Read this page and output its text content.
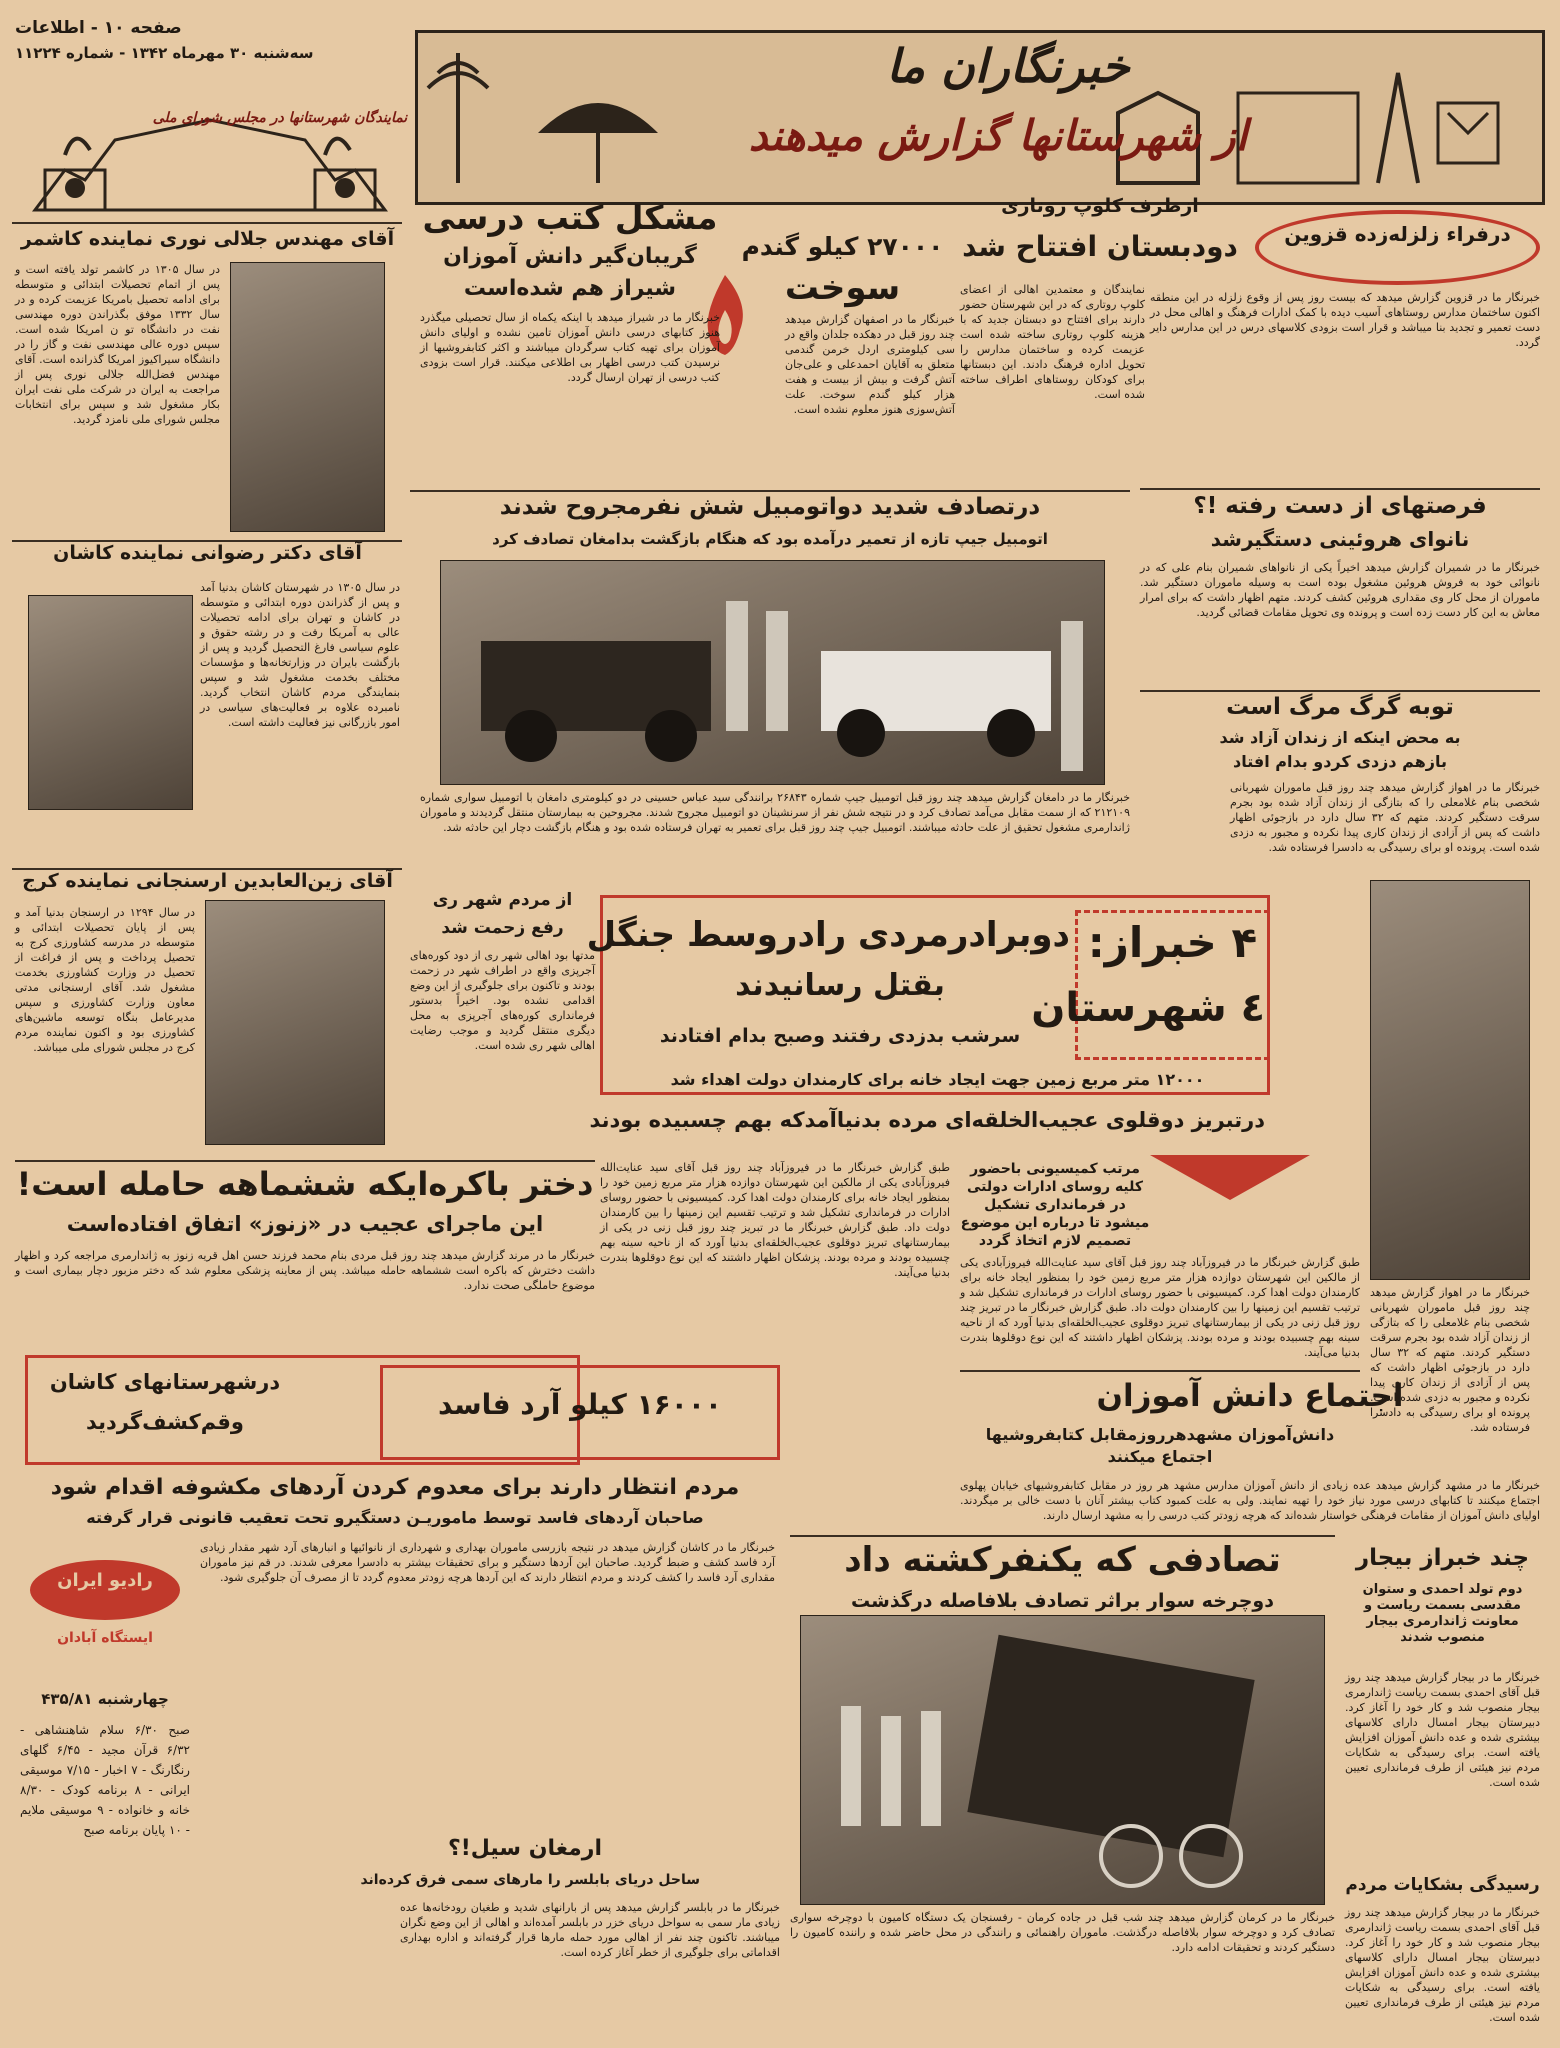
صفحه ۱۰ - اطلاعات
سه‌شنبه ۳۰ مهرماه ۱۳۴۲ - شماره ۱۱۲۲۴
نمایندگان شهرستانها در مجلس شورای ملی
خبرنگاران ما
از شهرستانها گزارش میدهند
آقای مهندس جلالی نوری نماینده کاشمر
در سال ۱۳۰۵ در کاشمر تولد یافته است و پس از اتمام تحصیلات ابتدائی و متوسطه برای ادامه تحصیل بامریکا عزیمت کرده و در سال ۱۳۳۲ موفق بگذراندن دوره مهندسی نفت در دانشگاه تو ن امریکا شده است. سپس دوره عالی مهندسی نفت و گاز را در دانشگاه سیراکیوز امریکا گذرانده است. آقای مهندس فضل‌الله جلالی نوری پس از مراجعت به ایران در شرکت ملی نفت ایران بکار مشغول شد و سپس برای انتخابات مجلس شورای ملی نامزد گردید.
آقای دکتر رضوانی نماینده کاشان
در سال ۱۳۰۵ در شهرستان کاشان بدنیا آمد و پس از گذراندن دوره ابتدائی و متوسطه در کاشان و تهران برای ادامه تحصیلات عالی به آمریکا رفت و در رشته حقوق و علوم سیاسی فارغ التحصیل گردید و پس از بازگشت بایران در وزارتخانه‌ها و مؤسسات مختلف بخدمت مشغول شد و سپس بنمایندگی مردم کاشان انتخاب گردید. نامبرده علاوه بر فعالیت‌های سیاسی در امور بازرگانی نیز فعالیت داشته است.
آقای زین‌العابدین ارسنجانی نماینده کرج
در سال ۱۲۹۴ در ارسنجان بدنیا آمد و پس از پایان تحصیلات ابتدائی و متوسطه در مدرسه کشاورزی کرج به تحصیل پرداخت و پس از فراغت از تحصیل در وزارت کشاورزی بخدمت مشغول شد. آقای ارسنجانی مدتی معاون وزارت کشاورزی و سپس مدیرعامل بنگاه توسعه ماشین‌های کشاورزی بود و اکنون نماینده مردم کرج در مجلس شورای ملی میباشد.
درفراء زلزله‌زده قزوین
خبرنگار ما در قزوین گزارش میدهد که بیست روز پس از وقوع زلزله در این منطقه اکنون ساختمان مدارس روستاهای آسیب دیده با کمک ادارات فرهنگ و اهالی محل در دست تعمیر و تجدید بنا میباشد و قرار است بزودی کلاسهای درس در این مدارس دایر گردد.
ازطرف کلوپ روتاری
دودبستان افتتاح شد
نمایندگان و معتمدین اهالی از اعضای کلوپ روتاری که در این شهرستان حضور دارند برای افتتاح دو دبستان جدید که با هزینه کلوپ روتاری ساخته شده است عزیمت کرده و ساختمان مدارس را تحویل اداره فرهنگ دادند. این دبستانها برای کودکان روستاهای اطراف ساخته شده است.
۲۷۰۰۰ کیلو گندم
سوخت
خبرنگار ما در اصفهان گزارش میدهد چند روز قبل در دهکده جلدان واقع در سی کیلومتری اردل خرمن گندمی متعلق به آقایان احمدعلی و علی‌جان آتش گرفت و بیش از بیست و هفت هزار کیلو گندم سوخت. علت آتش‌سوزی هنوز معلوم نشده است.
مشکل کتب درسی
گریبان‌گیر دانش آموزان
شیراز هم شده‌است
خبرنگار ما در شیراز میدهد با اینکه یکماه از سال تحصیلی میگذرد هنوز کتابهای درسی دانش آموزان تامین نشده و اولیای دانش آموزان برای تهیه کتاب سرگردان میباشند و اکثر کتابفروشیها از نرسیدن کتب درسی اظهار بی اطلاعی میکنند. قرار است بزودی کتب درسی از تهران ارسال گردد.
درتصادف شدید دواتومبیل شش نفرمجروح شدند
اتومبیل جیپ تازه از تعمیر درآمده بود که هنگام بازگشت بدامغان تصادف کرد
خبرنگار ما در دامغان گزارش میدهد چند روز قبل اتومبیل جیپ شماره ۲۶۸۴۳ برانندگی سید عباس حسینی در دو کیلومتری دامغان با اتومبیل سواری شماره ۲۱۲۱۰۹ که از سمت مقابل می‌آمد تصادف کرد و در نتیجه شش نفر از سرنشینان دو اتومبیل مجروح شدند. مجروحین به بیمارستان منتقل گردیدند و ماموران ژاندارمری مشغول تحقیق از علت حادثه میباشند. اتومبیل جیپ چند روز قبل برای تعمیر به تهران فرستاده شده بود و هنگام بازگشت دچار این حادثه شد.
فرصتهای از دست رفته !؟
نانوای هروئینی دستگیرشد
خبرنگار ما در شمیران گزارش میدهد اخیراً یکی از نانواهای شمیران بنام علی که در نانوائی خود به فروش هروئین مشغول بوده است به وسیله ماموران دستگیر شد. ماموران از محل کار وی مقداری هروئین کشف کردند. متهم اظهار داشت که برای امرار معاش به این کار دست زده است و پرونده وی تحویل مقامات قضائی گردید.
توبه گرگ مرگ است
به محض اینکه از زندان آزاد شد
بازهم دزدی کردو بدام افتاد
خبرنگار ما در اهواز گزارش میدهد چند روز قبل ماموران شهربانی شخصی بنام غلامعلی را که بتازگی از زندان آزاد شده بود بجرم سرقت دستگیر کردند. متهم که ۳۲ سال دارد در بازجوئی اظهار داشت که پس از آزادی از زندان کاری پیدا نکرده و مجبور به دزدی شده است. پرونده او برای رسیدگی به دادسرا فرستاده شد.
خبرنگار ما در اهواز گزارش میدهد چند روز قبل ماموران شهربانی شخصی بنام غلامعلی را که بتازگی از زندان آزاد شده بود بجرم سرقت دستگیر کردند. متهم که ۳۲ سال دارد در بازجوئی اظهار داشت که پس از آزادی از زندان کاری پیدا نکرده و مجبور به دزدی شده است. پرونده او برای رسیدگی به دادسرا فرستاده شد.
از مردم شهر ری
رفع زحمت شد
مدتها بود اهالی شهر ری از دود کوره‌های آجرپزی واقع در اطراف شهر در زحمت بودند و تاکنون برای جلوگیری از این وضع اقدامی نشده بود. اخیراً بدستور فرمانداری کوره‌های آجرپزی به محل دیگری منتقل گردید و موجب رضایت اهالی شهر ری شده است.
۴ خبراز:
٤ شهرستان
دوبرادرمردی رادروسط جنگل
بقتل رسانیدند
سرشب بدزدی رفتند وصبح بدام افتادند
۱۲۰۰۰ متر مربع زمین جهت ایجاد خانه برای کارمندان دولت اهداء شد
درتبریز دوقلوی عجیب‌الخلقه‌ای مرده بدنیاآمدکه بهم چسبیده بودند
دختر باکره‌ایکه ششماهه حامله است!
این ماجرای عجیب در «زنوز» اتفاق افتاده‌است
خبرنگار ما در مرند گزارش میدهد چند روز قبل مردی بنام محمد فرزند حسن اهل قریه زنوز به ژاندارمری مراجعه کرد و اظهار داشت دخترش که باکره است ششماهه حامله میباشد. پس از معاینه پزشکی معلوم شد که دختر مزبور دچار بیماری است و موضوع حاملگی صحت ندارد.
مرتب کمیسیونی باحضور کلیه روسای ادارات دولتی در فرمانداری تشکیل میشود تا درباره این موضوع تصمیم لازم اتخاذ گردد
طبق گزارش خبرنگار ما در فیروزآباد چند روز قبل آقای سید عنایت‌الله فیروزآبادی یکی از مالکین این شهرستان دوازده هزار متر مربع زمین خود را بمنظور ایجاد خانه برای کارمندان دولت اهدا کرد. کمیسیونی با حضور روسای ادارات در فرمانداری تشکیل شد و ترتیب تقسیم این زمینها را بین کارمندان دولت داد. طبق گزارش خبرنگار ما در تبریز چند روز قبل زنی در یکی از بیمارستانهای تبریز دوقلوی عجیب‌الخلقه‌ای بدنیا آورد که از ناحیه سینه بهم چسبیده بودند و مرده بودند. پزشکان اظهار داشتند که این نوع دوقلوها بندرت بدنیا می‌آیند.
طبق گزارش خبرنگار ما در فیروزآباد چند روز قبل آقای سید عنایت‌الله فیروزآبادی یکی از مالکین این شهرستان دوازده هزار متر مربع زمین خود را بمنظور ایجاد خانه برای کارمندان دولت اهدا کرد. کمیسیونی با حضور روسای ادارات در فرمانداری تشکیل شد و ترتیب تقسیم این زمینها را بین کارمندان دولت داد. طبق گزارش خبرنگار ما در تبریز چند روز قبل زنی در یکی از بیمارستانهای تبریز دوقلوی عجیب‌الخلقه‌ای بدنیا آورد که از ناحیه سینه بهم چسبیده بودند و مرده بودند. پزشکان اظهار داشتند که این نوع دوقلوها بندرت بدنیا می‌آیند.
اجتماع دانش آموزان
دانش‌آموزان مشهدهرروزمقابل کتابفروشیها اجتماع میکنند
خبرنگار ما در مشهد گزارش میدهد عده زیادی از دانش آموزان مدارس مشهد هر روز در مقابل کتابفروشیهای خیابان پهلوی اجتماع میکنند تا کتابهای درسی مورد نیاز خود را تهیه نمایند. ولی به علت کمبود کتاب بیشتر آنان با دست خالی بر میگردند. اولیای دانش آموزان از مقامات فرهنگی خواستار شده‌اند که هرچه زودتر کتب درسی را به مشهد ارسال دارند.
درشهرستانهای کاشان
وقم‌کشف‌گردید
۱۶۰۰۰ کیلو آرد فاسد
مردم انتظار دارند برای معدوم کردن آردهای مکشوفه اقدام شود
صاحبان آردهای فاسد توسط ماموریـن دستگیرو تحت تعقیب قانونی قرار گرفته
خبرنگار ما در کاشان گزارش میدهد در نتیجه بازرسی ماموران بهداری و شهرداری از نانوائیها و انبارهای آرد شهر مقدار زیادی آرد فاسد کشف و ضبط گردید. صاحبان این آردها دستگیر و برای تحقیقات بیشتر به دادسرا معرفی شدند. در قم نیز ماموران مقداری آرد فاسد را کشف کردند و مردم انتظار دارند که این آردها هرچه زودتر معدوم گردد تا از مصرف آن جلوگیری شود.
رادیو ایران
ایستگاه آبادان
چهارشنبه ۴۳۵/۸۱
صبح ۶/۳۰ سلام شاهنشاهی - ۶/۳۲ قرآن مجید - ۶/۴۵ گلهای رنگارنگ - ۷ اخبار - ۷/۱۵ موسیقی ایرانی - ۸ برنامه کودک - ۸/۳۰ خانه و خانواده - ۹ موسیقی ملایم - ۱۰ پایان برنامه صبح
ارمغان سیل!؟
ساحل دریای بابلسر را مارهای سمی فرق کرده‌اند
خبرنگار ما در بابلسر گزارش میدهد پس از بارانهای شدید و طغیان رودخانه‌ها عده زیادی مار سمی به سواحل دریای خزر در بابلسر آمده‌اند و اهالی از این وضع نگران میباشند. تاکنون چند نفر از اهالی مورد حمله مارها قرار گرفته‌اند و اداره بهداری اقداماتی برای جلوگیری از خطر آغاز کرده است.
تصادفی که یکنفرکشته داد
دوچرخه سوار براثر تصادف بلافاصله درگذشت
خبرنگار ما در کرمان گزارش میدهد چند شب قبل در جاده کرمان - رفسنجان یک دستگاه کامیون با دوچرخه سواری تصادف کرد و دوچرخه سوار بلافاصله درگذشت. ماموران راهنمائی و رانندگی در محل حاضر شده و راننده کامیون را دستگیر کردند و تحقیقات ادامه دارد.
چند خبراز بیجار
دوم تولد احمدی و ستوان مقدسی بسمت ریاست و معاونت ژاندارمری بیجار منصوب شدند
خبرنگار ما در بیجار گزارش میدهد چند روز قبل آقای احمدی بسمت ریاست ژاندارمری بیجار منصوب شد و کار خود را آغاز کرد. دبیرستان بیجار امسال دارای کلاسهای بیشتری شده و عده دانش آموزان افزایش یافته است. برای رسیدگی به شکایات مردم نیز هیئتی از طرف فرمانداری تعیین شده است.
رسیدگی بشکایات مردم
خبرنگار ما در بیجار گزارش میدهد چند روز قبل آقای احمدی بسمت ریاست ژاندارمری بیجار منصوب شد و کار خود را آغاز کرد. دبیرستان بیجار امسال دارای کلاسهای بیشتری شده و عده دانش آموزان افزایش یافته است. برای رسیدگی به شکایات مردم نیز هیئتی از طرف فرمانداری تعیین شده است.
